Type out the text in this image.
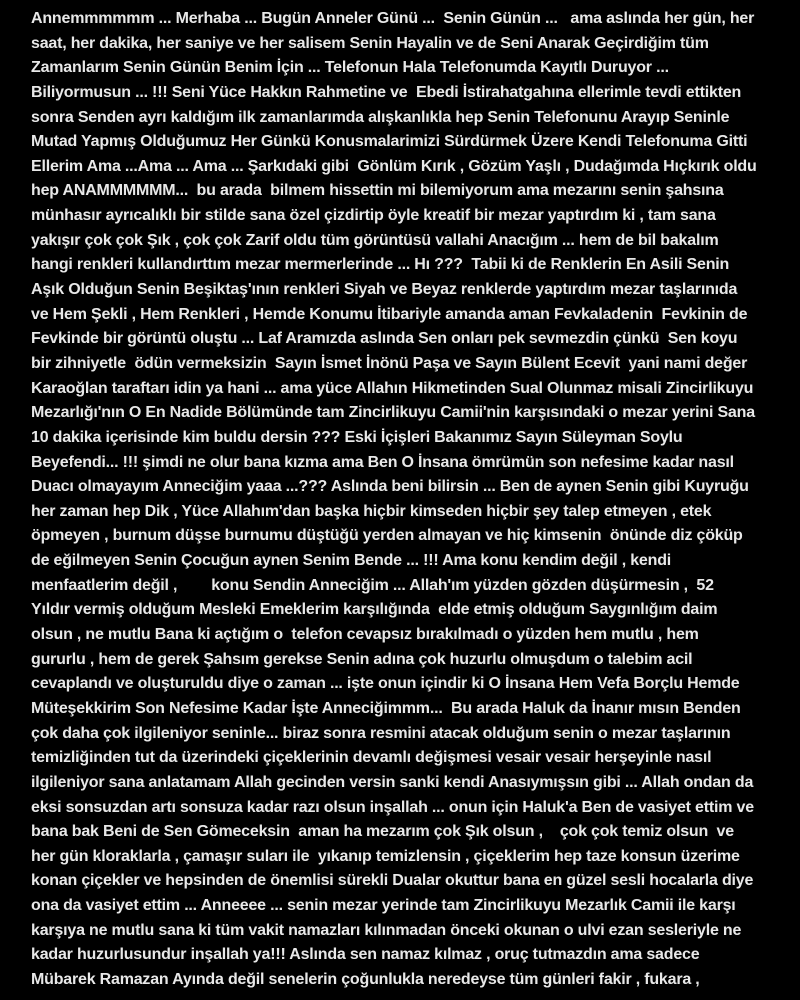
Annemmmmmm ... Merhaba ... Bugün Anneler Günü ...  Senin Günün ...   ama aslında her gün, her
saat, her dakika, her saniye ve her salisem Senin Hayalin ve de Seni Anarak Geçirdiğim tüm
Zamanlarım Senin Günün Benim İçin ... Telefonun Hala Telefonumda Kayıtlı Duruyor ...
Biliyormusun ... !!! Seni Yüce Hakkın Rahmetine ve  Ebedi İstirahatgahına ellerimle tevdi ettikten
sonra Senden ayrı kaldığım ilk zamanlarımda alışkanlıkla hep Senin Telefonunu Arayıp Seninle
Mutad Yapmış Olduğumuz Her Günkü Konusmalarimizi Sürdürmek Üzere Kendi Telefonuma Gitti
Ellerim Ama ...Ama ... Ama ... Şarkıdaki gibi  Gönlüm Kırık , Gözüm Yaşlı , Dudağımda Hıçkırık oldu
hep ANAMMMMMM...  bu arada  bilmem hissettin mi bilemiyorum ama mezarını senin şahsına
münhasır ayrıcalıklı bir stilde sana özel çizdirtip öyle kreatif bir mezar yaptırdım ki , tam sana
yakışır çok çok Şık , çok çok Zarif oldu tüm görüntüsü vallahi Anacığım ... hem de bil bakalım
hangi renkleri kullandırttım mezar mermerlerinde ... Hı ???  Tabii ki de Renklerin En Asili Senin
Aşık Olduğun Senin Beşiktaş'ının renkleri Siyah ve Beyaz renklerde yaptırdım mezar taşlarınıda
ve Hem Şekli , Hem Renkleri , Hemde Konumu İtibariyle amanda aman Fevkaladenin  Fevkinin de
Fevkinde bir görüntü oluştu ... Laf Aramızda aslında Sen onları pek sevmezdin çünkü  Sen koyu
bir zihniyetle  ödün vermeksizin  Sayın İsmet İnönü Paşa ve Sayın Bülent Ecevit  yani nami değer
Karaoğlan taraftarı idin ya hani ... ama yüce Allahın Hikmetinden Sual Olunmaz misali Zincirlikuyu
Mezarlığı'nın O En Nadide Bölümünde tam Zincirlikuyu Camii'nin karşısındaki o mezar yerini Sana
10 dakika içerisinde kim buldu dersin ??? Eski İçişleri Bakanımız Sayın Süleyman Soylu
Beyefendi... !!! şimdi ne olur bana kızma ama Ben O İnsana ömrümün son nefesime kadar nasıl
Duacı olmayayım Anneciğim yaaa ...??? Aslında beni bilirsin ... Ben de aynen Senin gibi Kuyruğu
her zaman hep Dik , Yüce Allahım'dan başka hiçbir kimseden hiçbir şey talep etmeyen , etek
öpmeyen , burnum düşse burnumu düştüğü yerden almayan ve hiç kimsenin  önünde diz çöküp
de eğilmeyen Senin Çocuğun aynen Senim Bende ... !!! Ama konu kendim değil , kendi
menfaatlerim değil ,        konu Sendin Anneciğim ... Allah'ım yüzden gözden düşürmesin ,  52
Yıldır vermiş olduğum Mesleki Emeklerim karşılığında  elde etmiş olduğum Saygınlığım daim
olsun , ne mutlu Bana ki açtığım o  telefon cevapsız bırakılmadı o yüzden hem mutlu , hem
gururlu , hem de gerek Şahsım gerekse Senin adına çok huzurlu olmuşdum o talebim acil
cevaplandı ve oluşturuldu diye o zaman ... işte onun içindir ki O İnsana Hem Vefa Borçlu Hemde
Müteşekkirim Son Nefesime Kadar İşte Anneciğimmm...  Bu arada Haluk da İnanır mısın Benden
çok daha çok ilgileniyor seninle... biraz sonra resmini atacak olduğum senin o mezar taşlarının
temizliğinden tut da üzerindeki çiçeklerinin devamlı değişmesi vesair vesair herşeyinle nasıl
ilgileniyor sana anlatamam Allah gecinden versin sanki kendi Anasıymışsın gibi ... Allah ondan da
eksi sonsuzdan artı sonsuza kadar razı olsun inşallah ... onun için Haluk'a Ben de vasiyet ettim ve
bana bak Beni de Sen Gömeceksin  aman ha mezarım çok Şık olsun ,    çok çok temiz olsun  ve
her gün kloraklarla , çamaşır suları ile  yıkanıp temizlensin , çiçeklerim hep taze konsun üzerime
konan çiçekler ve hepsinden de önemlisi sürekli Dualar okuttur bana en güzel sesli hocalarla diye
ona da vasiyet ettim ... Anneeee ... senin mezar yerinde tam Zincirlikuyu Mezarlık Camii ile karşı
karşıya ne mutlu sana ki tüm vakit namazları kılınmadan önceki okunan o ulvi ezan sesleriyle ne
kadar huzurlusundur inşallah ya!!! Aslında sen namaz kılmaz , oruç tutmazdın ama sadece
Mübarek Ramazan Ayında değil senelerin çoğunlukla neredeyse tüm günleri fakir , fukara ,
